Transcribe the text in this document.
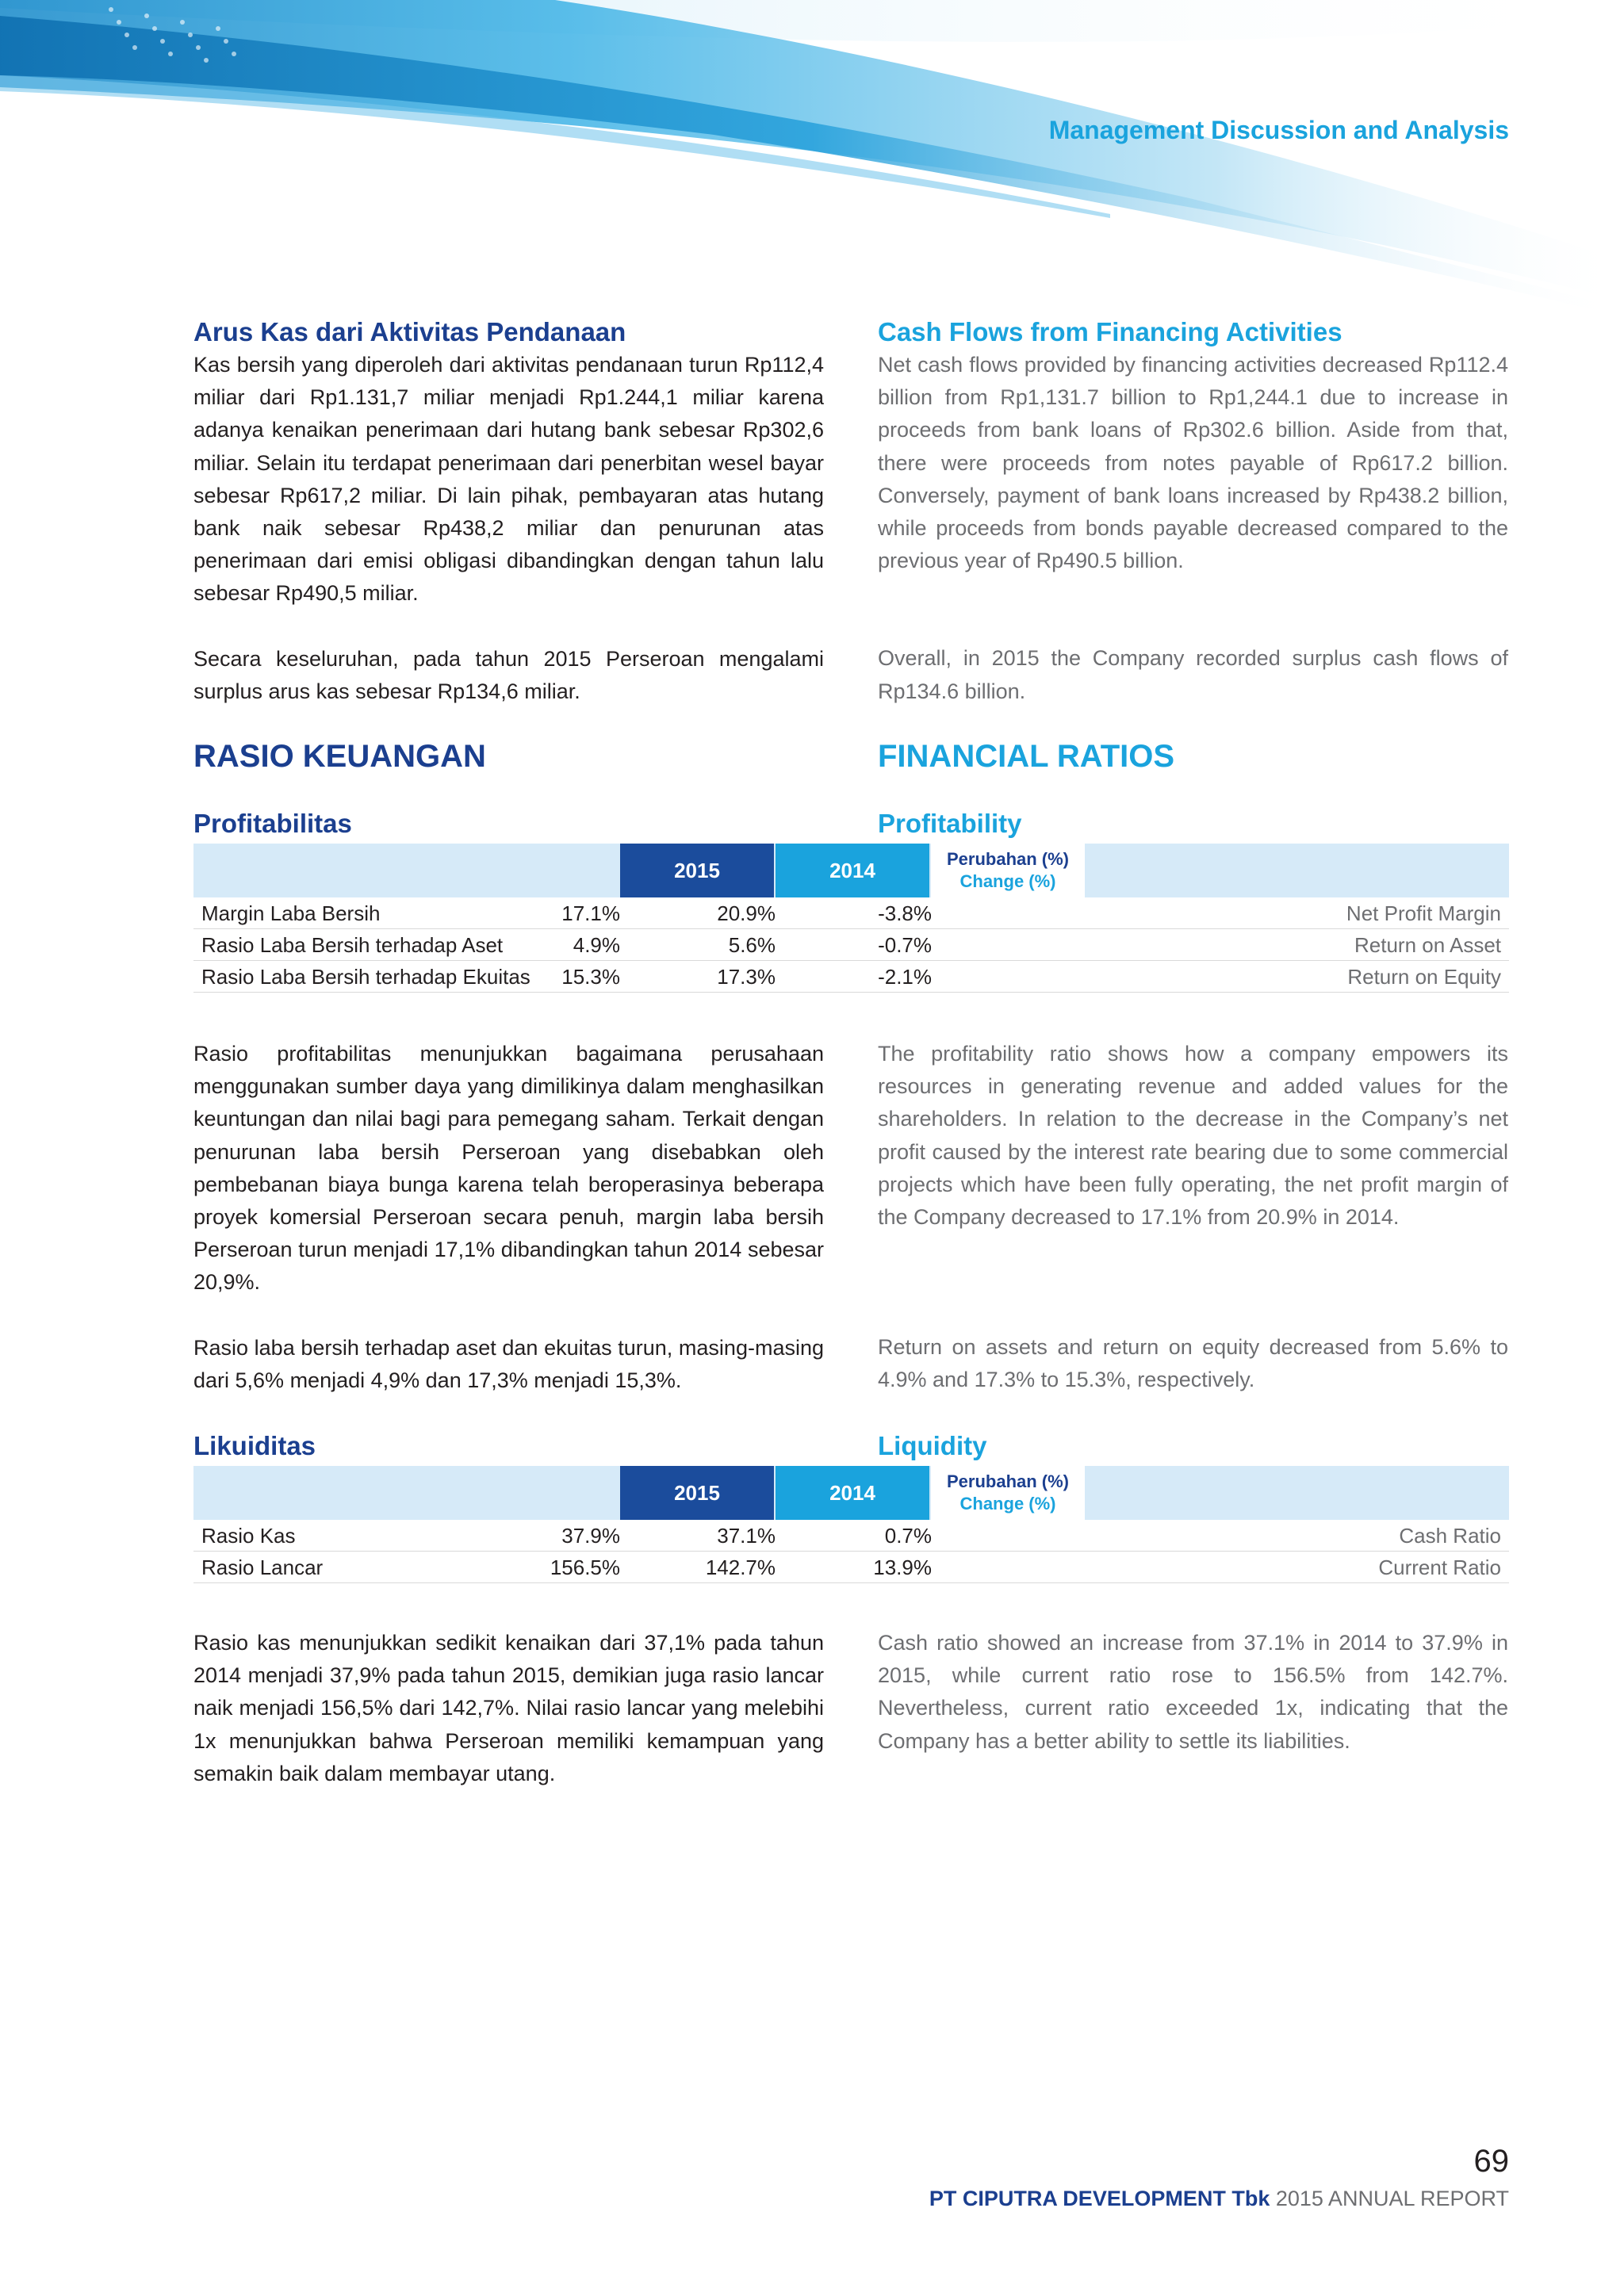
Management Discussion and Analysis
Arus Kas dari Aktivitas Pendanaan

Kas bersih yang diperoleh dari aktivitas pendanaan turun Rp112,4 miliar dari Rp1.131,7 miliar menjadi Rp1.244,1 miliar karena adanya kenaikan penerimaan dari hutang bank sebesar Rp302,6 miliar. Selain itu terdapat penerimaan dari penerbitan wesel bayar sebesar Rp617,2 miliar. Di lain pihak, pembayaran atas hutang bank naik sebesar Rp438,2 miliar dan penurunan atas penerimaan dari emisi obligasi dibandingkan dengan tahun lalu sebesar Rp490,5 miliar.

Secara keseluruhan, pada tahun 2015 Perseroan mengalami surplus arus kas sebesar Rp134,6 miliar.

Cash Flows from Financing Activities

Net cash flows provided by financing activities decreased Rp112.4 billion from Rp1,131.7 billion to Rp1,244.1 due to increase in proceeds from bank loans of Rp302.6 billion. Aside from that, there were proceeds from notes payable of Rp617.2 billion. Conversely, payment of bank loans increased by Rp438.2 billion, while proceeds from bonds payable decreased compared to the previous year of Rp490.5 billion.

Overall, in 2015 the Company recorded surplus cash flows of Rp134.6 billion.

RASIO KEUANGAN	FINANCIAL RATIOS
Profitabilitas	Profitability
2015	2014	Perubahan (%)
Change (%)
Margin Laba Bersih	17.1%	20.9%	-3.8%	Net Profit Margin
Rasio Laba Bersih terhadap Aset	4.9%	5.6%	-0.7%	Return on Asset
Rasio Laba Bersih terhadap Ekuitas 15.3%	17.3%	-2.1%	Return on Equity

Rasio profitabilitas menunjukkan bagaimana perusahaan menggunakan sumber daya yang dimilikinya dalam menghasilkan keuntungan dan nilai bagi para pemegang saham. Terkait dengan penurunan laba bersih Perseroan yang disebabkan oleh pembebanan biaya bunga karena telah beroperasinya beberapa proyek komersial Perseroan secara penuh, margin laba bersih Perseroan turun menjadi 17,1% dibandingkan tahun 2014 sebesar 20,9%.

Rasio laba bersih terhadap aset dan ekuitas turun, masing-masing dari 5,6% menjadi 4,9% dan 17,3% menjadi 15,3%.

The profitability ratio shows how a company empowers its resources in generating revenue and added values for the shareholders. In relation to the decrease in the Company’s net profit caused by the interest rate bearing due to some commercial projects which have been fully operating, the net profit margin of the Company decreased to 17.1% from 20.9% in 2014.

Return on assets and return on equity decreased from 5.6% to 4.9% and 17.3% to 15.3%, respectively.

Likuiditas	Liquidity
2015	2014	Perubahan (%)
Change (%)
Rasio Kas	37.9%	37.1%	0.7%	Cash Ratio
Rasio Lancar	156.5%	142.7%	13.9%	Current Ratio

Rasio kas menunjukkan sedikit kenaikan dari 37,1% pada tahun 2014 menjadi 37,9% pada tahun 2015, demikian juga rasio lancar naik menjadi 156,5% dari 142,7%. Nilai rasio lancar yang melebihi 1x menunjukkan bahwa Perseroan memiliki kemampuan yang semakin baik dalam membayar utang.

Cash ratio showed an increase from 37.1% in 2014 to 37.9% in 2015, while current ratio rose to 156.5% from 142.7%. Nevertheless, current ratio exceeded 1x, indicating that the Company has a better ability to settle its liabilities.

69
PT CIPUTRA DEVELOPMENT Tbk 2015 ANNUAL REPORT
